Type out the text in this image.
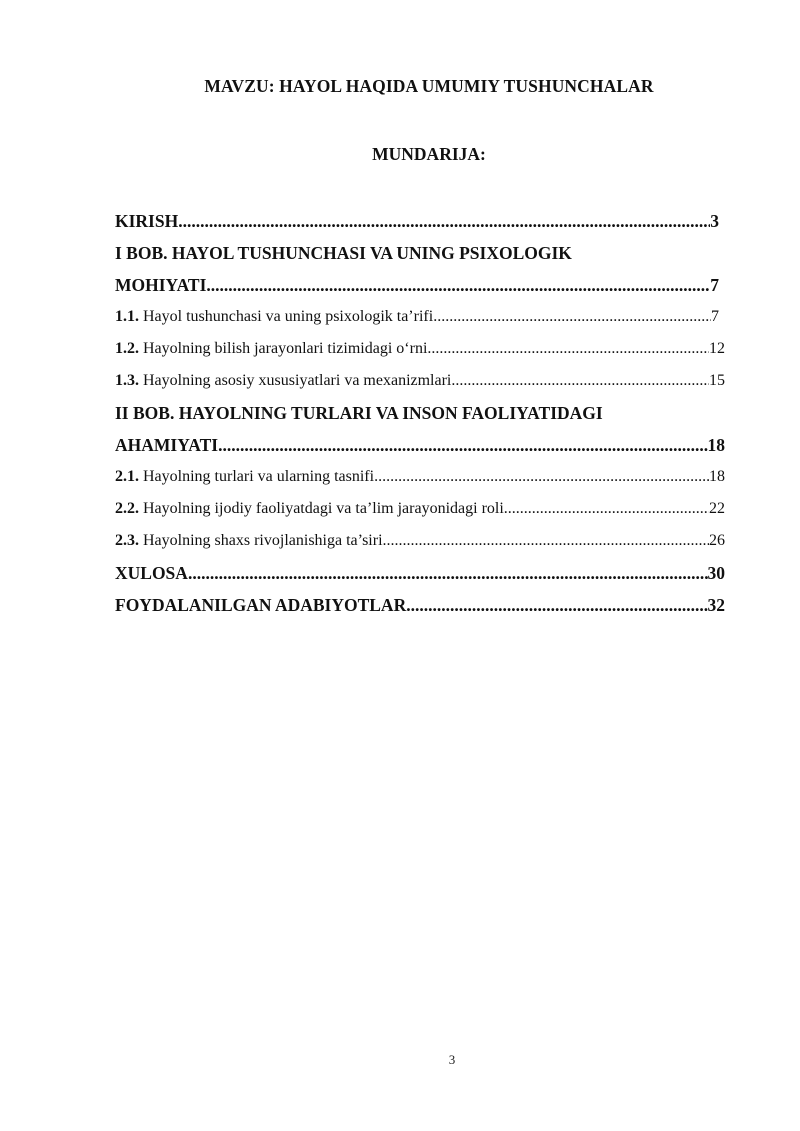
MAVZU: HAYOL HAQIDA UMUMIY TUSHUNCHALAR
MUNDARIJA:
KIRISH .....	3
I BOB. HAYOL TUSHUNCHASI VA UNING PSIXOLOGIK
MOHIYATI .....	7
1.1. Hayol tushunchasi va uning psixologik ta’rifi .....	7
1.2. Hayolning bilish jarayonlari tizimidagi o‘rni .....	12
1.3. Hayolning asosiy xususiyatlari va mexanizmlari .....	15
II BOB. HAYOLNING TURLARI VA INSON FAOLIYATIDAGI
AHAMIYATI .....	18
2.1. Hayolning turlari va ularning tasnifi .....	18
2.2. Hayolning ijodiy faoliyatdagi va ta’lim jarayonidagi roli .....	22
2.3. Hayolning shaxs rivojlanishiga ta’siri .....	26
XULOSA .....	30
FOYDALANILGAN ADABIYOTLAR .....	32
3
